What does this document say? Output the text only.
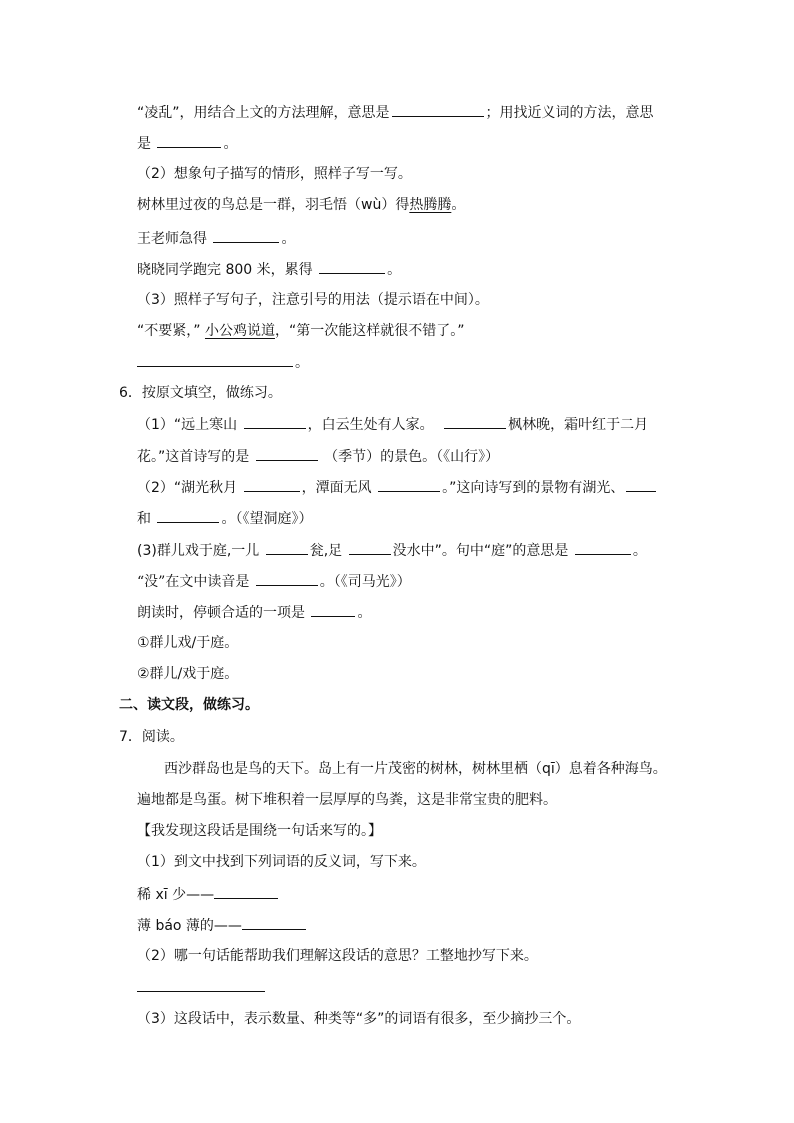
“凌乱”，用结合上文的方法理解，意思是	；用找近义词的方法，意思
是	。
（2）想象句子描写的情形，照样子写一写。
树林里过夜的鸟总是一群，羽毛悟（wù）得热腾腾。
王老师急得	。
晓晓同学跑完 800 米，累得	。
（3）照样子写句子，注意引号的用法（提示语在中间）。
“不要紧，” 小公鸡说道，“第一次能这样就很不错了。”
。
6．按原文填空，做练习。
（1）“远上寒山	，白云生处有人家。	枫林晚，霜叶红于二月
花。”这首诗写的是	（季节）的景色。（《山行》）
（2）“湖光秋月	，潭面无风	。”这向诗写到的景物有湖光、
和	。（《望洞庭》）
(3)群儿戏于庭,一儿	瓮,足	没水中”。句中“庭”的意思是	。
“没”在文中读音是	。（《司马光》）
朗读时，停顿合适的一项是	。
①群儿戏/于庭。
②群儿/戏于庭。
二、读文段，做练习。
7．阅读。
西沙群岛也是鸟的天下。岛上有一片茂密的树林，树林里栖（qī）息着各种海鸟。
遍地都是鸟蛋。树下堆积着一层厚厚的鸟粪，这是非常宝贵的肥料。
【我发现这段话是围绕一句话来写的。】
（1）到文中找到下列词语的反义词，写下来。
稀 xī 少——
薄 báo 薄的——
（2）哪一句话能帮助我们理解这段话的意思？工整地抄写下来。
（3）这段话中，表示数量、种类等“多”的词语有很多，至少摘抄三个。
